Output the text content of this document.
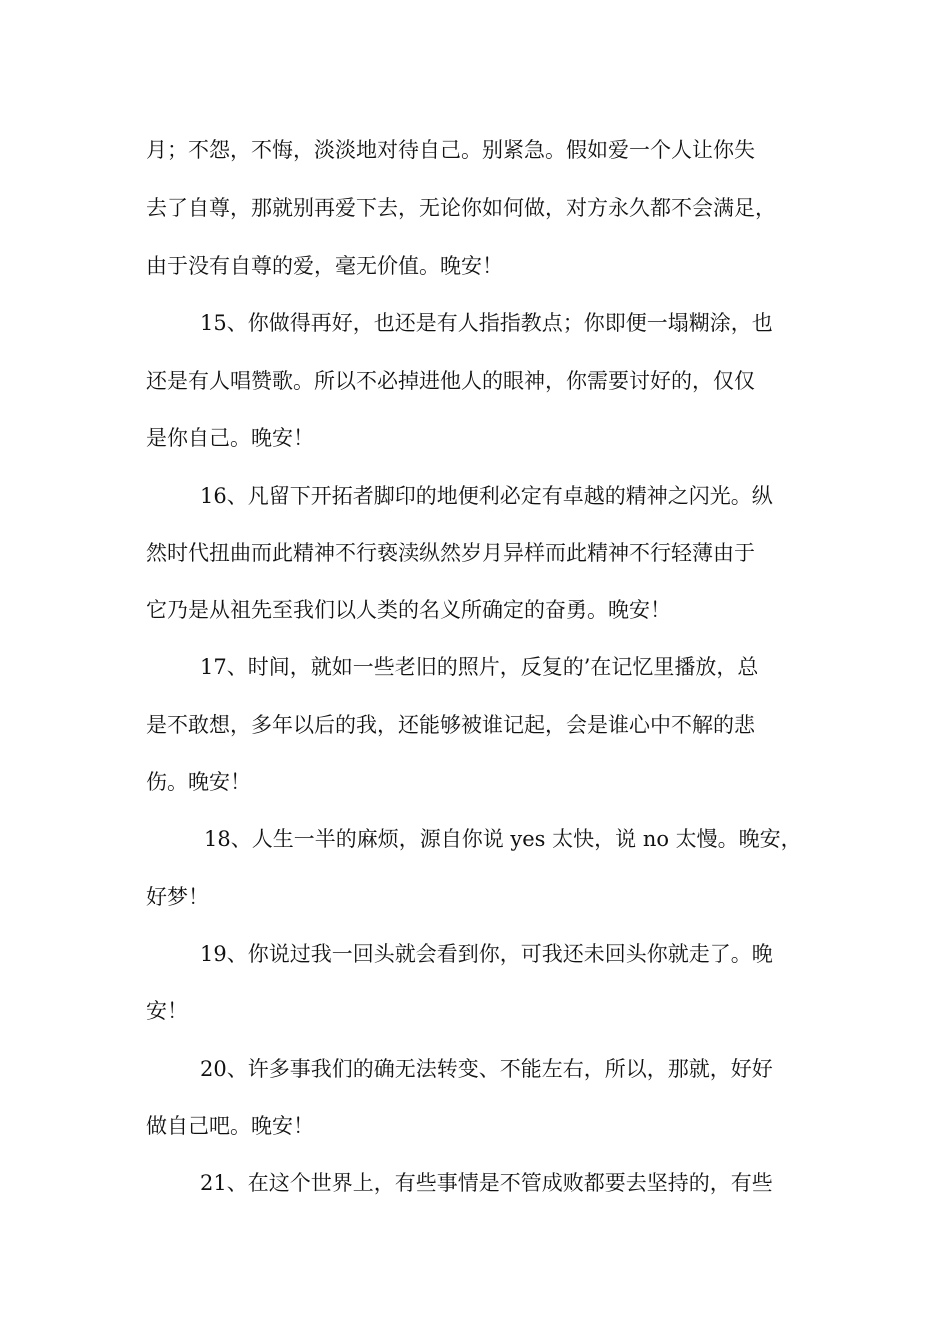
月；不怨，不悔，淡淡地对待自己。别紧急。假如爱一个人让你失
去了自尊，那就别再爱下去，无论你如何做，对方永久都不会满足，
由于没有自尊的爱，毫无价值。晚安！
15、你做得再好，也还是有人指指教点；你即便一塌糊涂，也
还是有人唱赞歌。所以不必掉进他人的眼神，你需要讨好的，仅仅
是你自己。晚安！
16、凡留下开拓者脚印的地便利必定有卓越的精神之闪光。纵
然时代扭曲而此精神不行亵渎纵然岁月异样而此精神不行轻薄由于
它乃是从祖先至我们以人类的名义所确定的奋勇。晚安！
17、时间，就如一些老旧的照片，反复的’在记忆里播放，总
是不敢想，多年以后的我，还能够被谁记起，会是谁心中不解的悲
伤。晚安！
18、人生一半的麻烦，源自你说 yes 太快，说 no 太慢。晚安，
好梦！
19、你说过我一回头就会看到你，可我还未回头你就走了。晚
安！
20、许多事我们的确无法转变、不能左右，所以，那就，好好
做自己吧。晚安！
21、在这个世界上，有些事情是不管成败都要去坚持的，有些
